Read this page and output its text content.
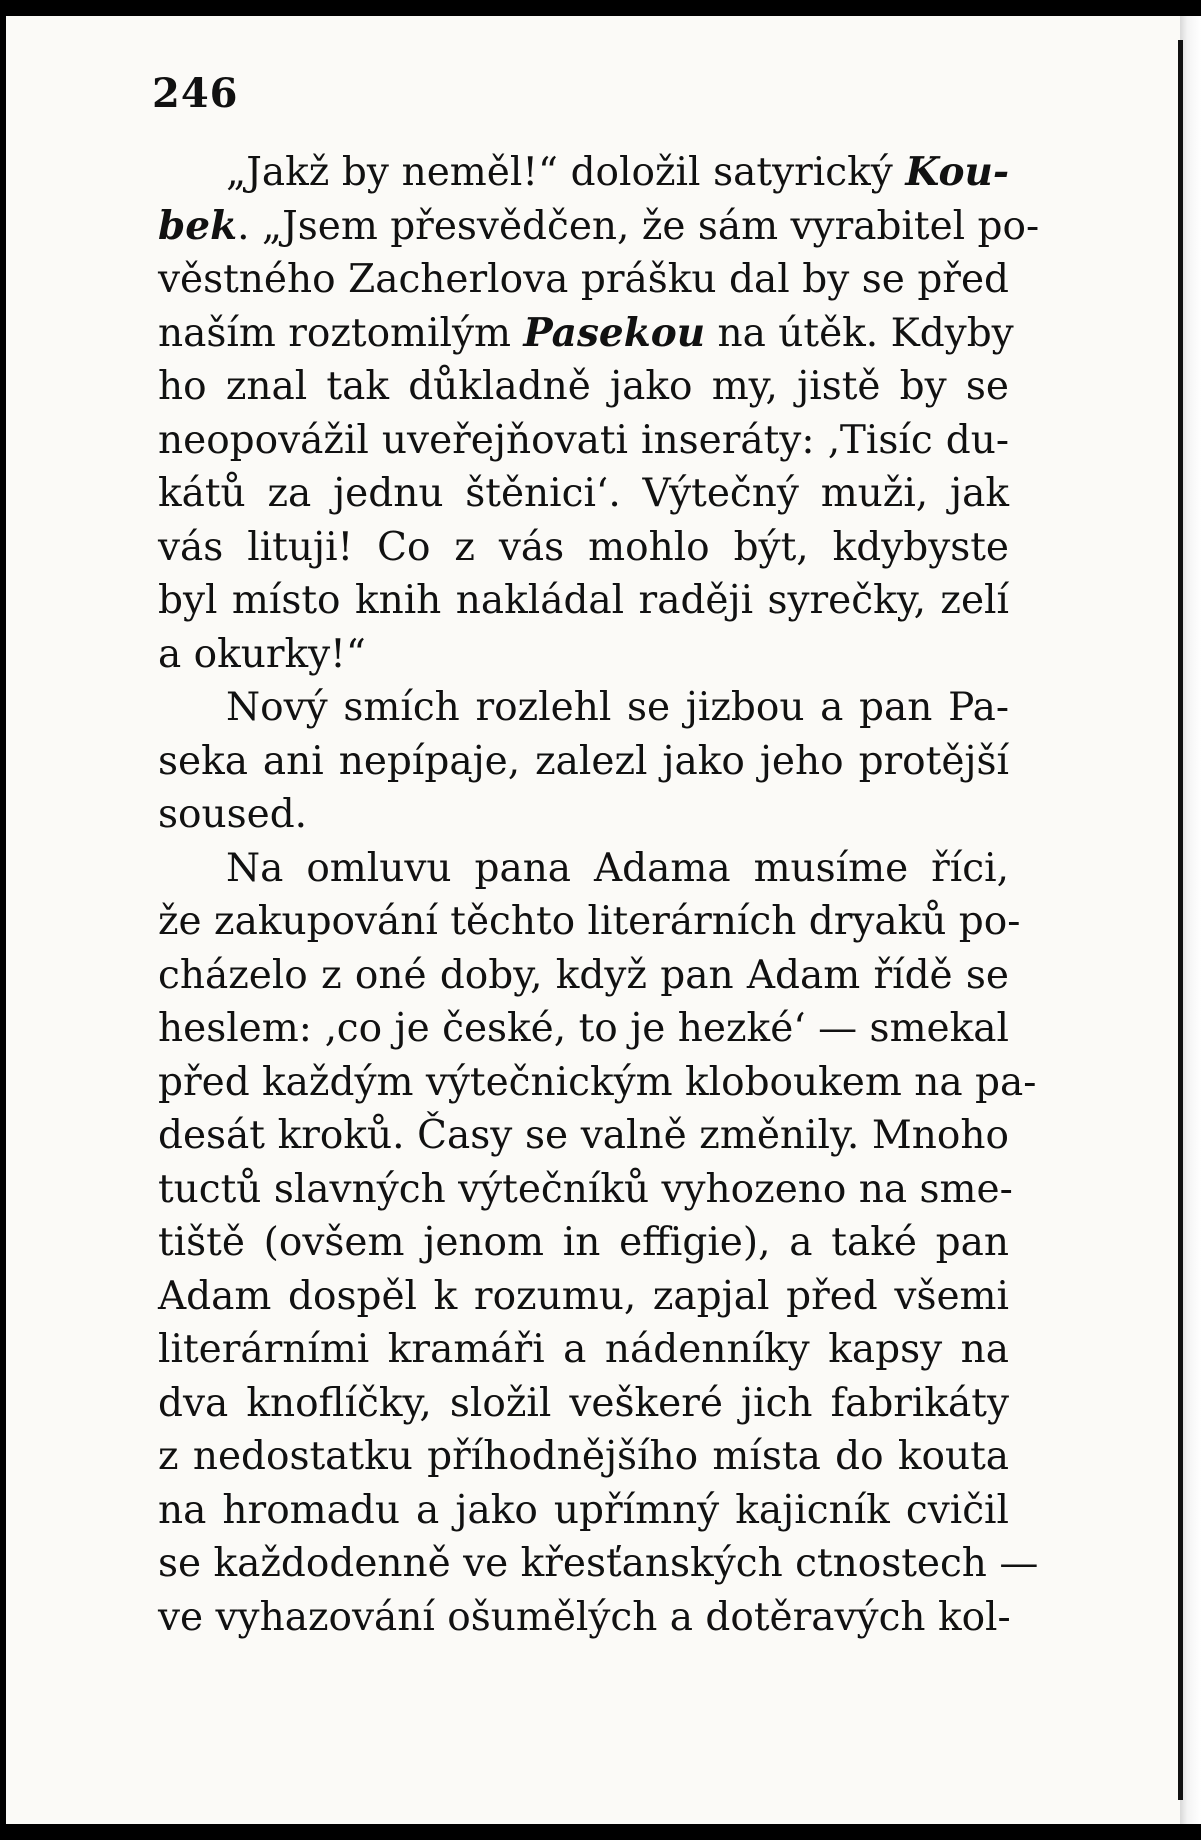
246
„Jakž by neměl!“ doložil satyrický Kou-
bek. „Jsem přesvědčen, že sám vyrabitel po-
věstného Zacherlova prášku dal by se před
naším roztomilým Pasekou na útěk. Kdyby
ho znal tak důkladně jako my, jistě by se
neopovážil uveřejňovati inseráty: ‚Tisíc du-
kátů za jednu štěnici‘. Výtečný muži, jak
vás lituji! Co z vás mohlo být, kdybyste
byl místo knih nakládal raději syrečky, zelí
a okurky!“
Nový smích rozlehl se jizbou a pan Pa-
seka ani nepípaje, zalezl jako jeho protější
soused.
Na omluvu pana Adama musíme říci,
že zakupování těchto literárních dryaků po-
cházelo z oné doby, když pan Adam řídě se
heslem: ‚co je české, to je hezké‘ — smekal
před každým výtečnickým kloboukem na pa-
desát kroků. Časy se valně změnily. Mnoho
tuctů slavných výtečníků vyhozeno na sme-
tiště (ovšem jenom in effigie), a také pan
Adam dospěl k rozumu, zapjal před všemi
literárními kramáři a nádenníky kapsy na
dva knoflíčky, složil veškeré jich fabrikáty
z nedostatku příhodnějšího místa do kouta
na hromadu a jako upřímný kajicník cvičil
se každodenně ve křesťanských ctnostech —
ve vyhazování ošumělých a dotěravých kol-
